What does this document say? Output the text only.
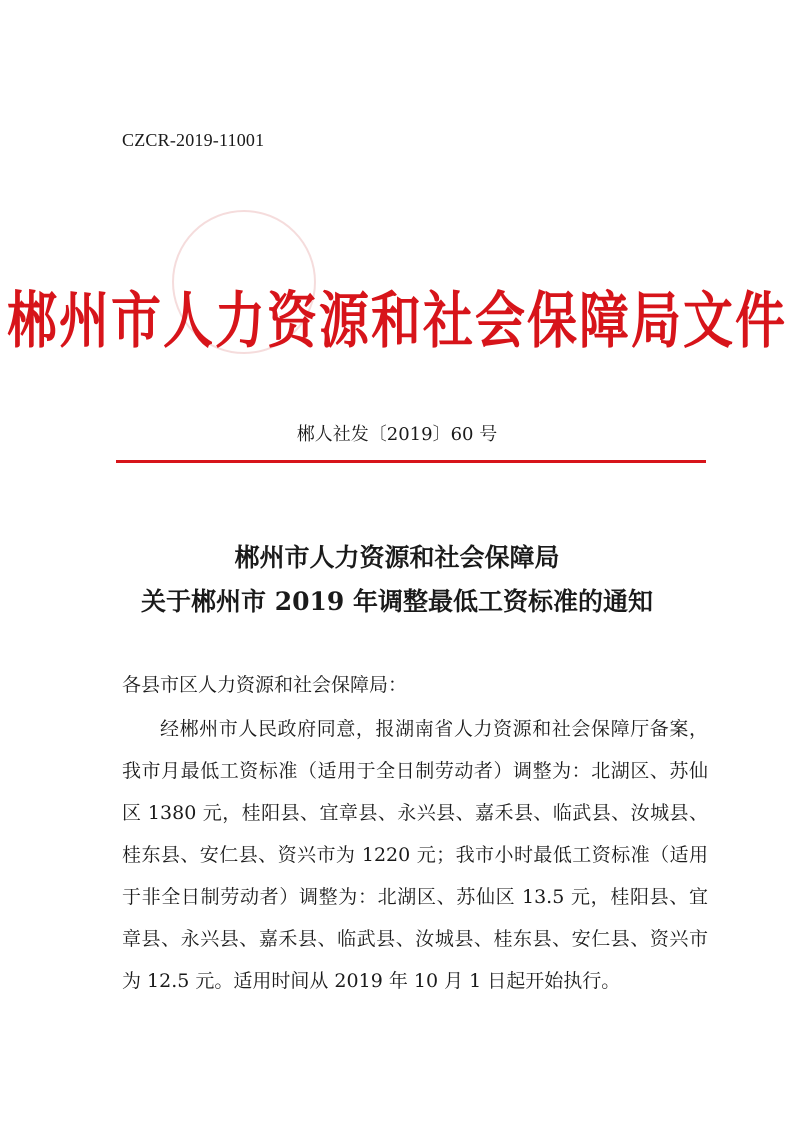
CZCR-2019-11001
郴州市人力资源和社会保障局文件
郴人社发〔2019〕60 号
郴州市人力资源和社会保障局
关于郴州市 2019 年调整最低工资标准的通知
各县市区人力资源和社会保障局：
经郴州市人民政府同意，报湖南省人力资源和社会保障厅备案，我市月最低工资标准（适用于全日制劳动者）调整为：北湖区、苏仙区 1380 元，桂阳县、宜章县、永兴县、嘉禾县、临武县、汝城县、桂东县、安仁县、资兴市为 1220 元；我市小时最低工资标准（适用于非全日制劳动者）调整为：北湖区、苏仙区 13.5 元，桂阳县、宜章县、永兴县、嘉禾县、临武县、汝城县、桂东县、安仁县、资兴市为 12.5 元。适用时间从 2019 年 10 月 1 日起开始执行。
